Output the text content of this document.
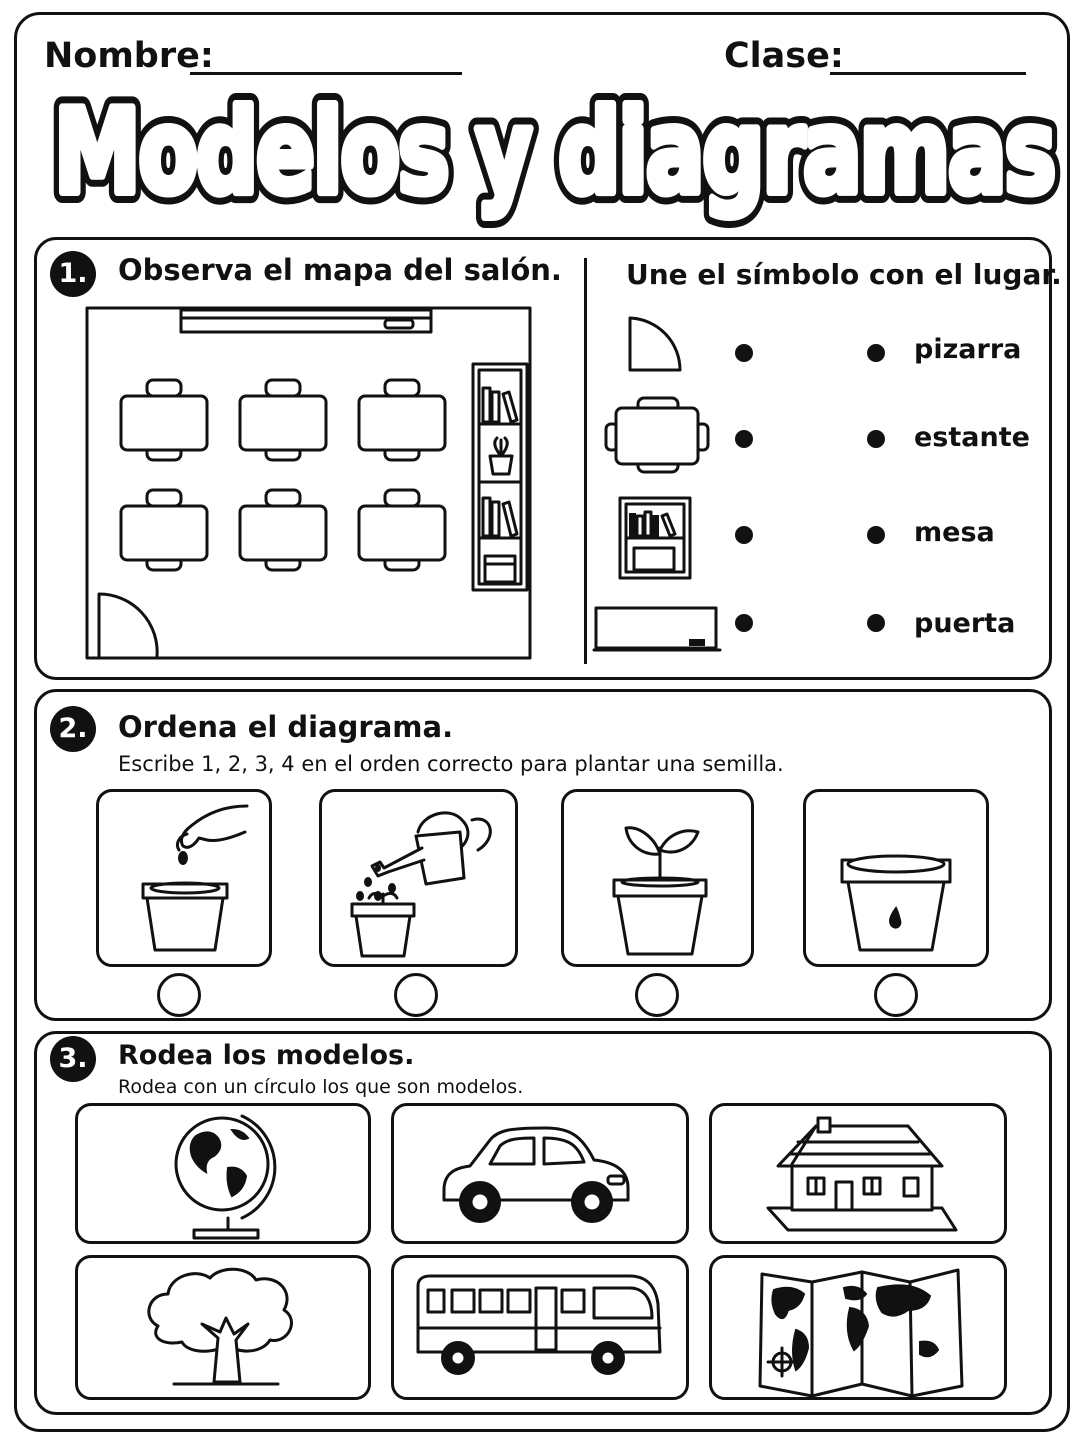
Nombre:	Clase:
Modelos y diagramas
Modelos y diagramas
1. Observa el mapa del salón. Une el símbolo con el lugar.
pizarra
estante
mesa
puerta
2. Ordena el diagrama.
Escribe 1, 2, 3, 4 en el orden correcto para plantar una semilla.
3.	Rodea los modelos.
Rodea con un círculo los que son modelos.
